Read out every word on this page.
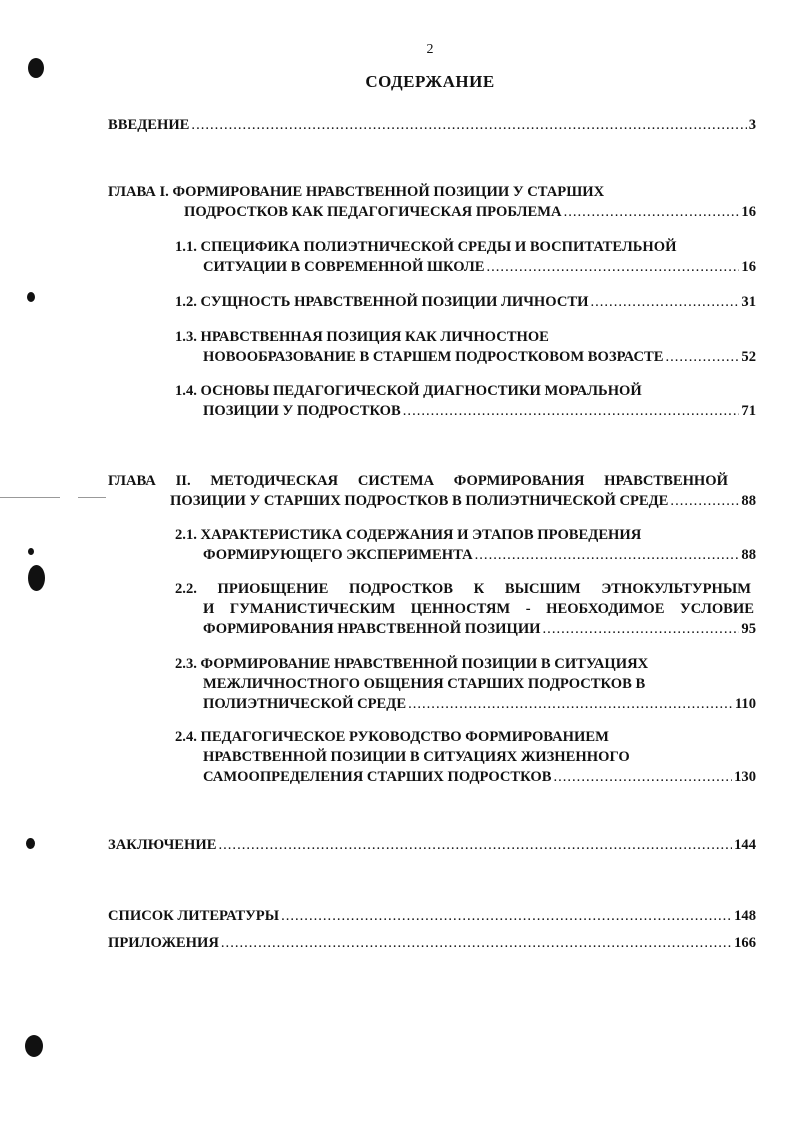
2
СОДЕРЖАНИЕ
ВВЕДЕНИЕ .....	3
ГЛАВА I. ФОРМИРОВАНИЕ НРАВСТВЕННОЙ ПОЗИЦИИ У СТАРШИХ
ПОДРОСТКОВ КАК ПЕДАГОГИЧЕСКАЯ ПРОБЛЕМА .....	16
1.1. СПЕЦИФИКА ПОЛИЭТНИЧЕСКОЙ СРЕДЫ И ВОСПИТАТЕЛЬНОЙ
СИТУАЦИИ В СОВРЕМЕННОЙ ШКОЛЕ .....	16
1.2. СУЩНОСТЬ НРАВСТВЕННОЙ ПОЗИЦИИ ЛИЧНОСТИ .....	31
1.3. НРАВСТВЕННАЯ ПОЗИЦИЯ КАК ЛИЧНОСТНОЕ
НОВООБРАЗОВАНИЕ В СТАРШЕМ ПОДРОСТКОВОМ ВОЗРАСТЕ .....	52
1.4. ОСНОВЫ ПЕДАГОГИЧЕСКОЙ ДИАГНОСТИКИ МОРАЛЬНОЙ
ПОЗИЦИИ У ПОДРОСТКОВ .....	71
ГЛАВА II. МЕТОДИЧЕСКАЯ СИСТЕМА ФОРМИРОВАНИЯ НРАВСТВЕННОЙ
ПОЗИЦИИ У СТАРШИХ ПОДРОСТКОВ В ПОЛИЭТНИЧЕСКОЙ СРЕДЕ .....	88
2.1. ХАРАКТЕРИСТИКА СОДЕРЖАНИЯ И ЭТАПОВ ПРОВЕДЕНИЯ
ФОРМИРУЮЩЕГО ЭКСПЕРИМЕНТА .....	88
2.2. ПРИОБЩЕНИЕ ПОДРОСТКОВ К ВЫСШИМ ЭТНОКУЛЬТУРНЫМ
И ГУМАНИСТИЧЕСКИМ ЦЕННОСТЯМ - НЕОБХОДИМОЕ УСЛОВИЕ
ФОРМИРОВАНИЯ НРАВСТВЕННОЙ ПОЗИЦИИ .....	95
2.3. ФОРМИРОВАНИЕ НРАВСТВЕННОЙ ПОЗИЦИИ В СИТУАЦИЯХ
МЕЖЛИЧНОСТНОГО ОБЩЕНИЯ СТАРШИХ ПОДРОСТКОВ В
ПОЛИЭТНИЧЕСКОЙ СРЕДЕ .....	110
2.4. ПЕДАГОГИЧЕСКОЕ РУКОВОДСТВО ФОРМИРОВАНИЕМ
НРАВСТВЕННОЙ ПОЗИЦИИ В СИТУАЦИЯХ ЖИЗНЕННОГО
САМООПРЕДЕЛЕНИЯ СТАРШИХ ПОДРОСТКОВ .....	130
ЗАКЛЮЧЕНИЕ .....	144
СПИСОК ЛИТЕРАТУРЫ .....	148
ПРИЛОЖЕНИЯ .....	166
